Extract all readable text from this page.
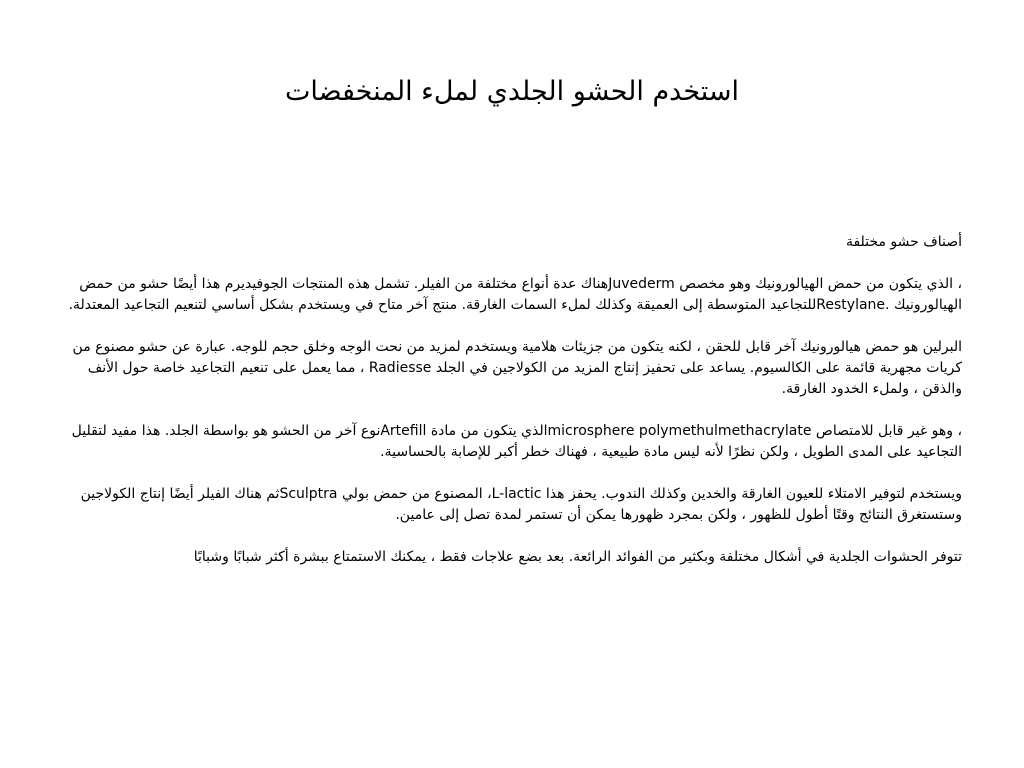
استخدم الحشو الجلدي لملء المنخفضات

أصناف حشو مختلفة

، الذي يتكون من حمض الهيالورونيك وهو مخصص Juvedermهناك عدة أنواع مختلفة من الفيلر. تشمل هذه المنتجات الجوفيديرم هذا أيضًا حشو من حمض الهيالورونيك .Restylaneللتجاعيد المتوسطة إلى العميقة وكذلك لملء السمات الغارقة. منتج آخر متاح في ويستخدم بشكل أساسي لتنعيم التجاعيد المعتدلة.

البرلين هو حمض هيالورونيك آخر قابل للحقن ، لكنه يتكون من جزيئات هلامية ويستخدم لمزيد من نحت الوجه وخلق حجم للوجه. عبارة عن حشو مصنوع من كريات مجهرية قائمة على الكالسيوم. يساعد على تحفيز إنتاج المزيد من الكولاجين في الجلد Radiesse ، مما يعمل على تنعيم التجاعيد خاصة حول الأنف والذقن ، ولملء الخدود الغارقة.

، وهو غير قابل للامتصاص microsphere polymethulmethacrylateالذي يتكون من مادة Artefillنوع آخر من الحشو هو بواسطة الجلد. هذا مفيد لتقليل التجاعيد على المدى الطويل ، ولكن نظرًا لأنه ليس مادة طبيعية ، فهناك خطر أكبر للإصابة بالحساسية.

ويستخدم لتوفير الامتلاء للعيون الغارقة والخدين وكذلك الندوب. يحفز هذا L-lactic، المصنوع من حمض بولي Sculptraثم هناك الفيلر أيضًا إنتاج الكولاجين وستستغرق النتائج وقتًا أطول للظهور ، ولكن بمجرد ظهورها يمكن أن تستمر لمدة تصل إلى عامين.

تتوفر الحشوات الجلدية في أشكال مختلفة وبكثير من الفوائد الرائعة. بعد بضع علاجات فقط ، يمكنك الاستمتاع ببشرة أكثر شبابًا وشبابًا
